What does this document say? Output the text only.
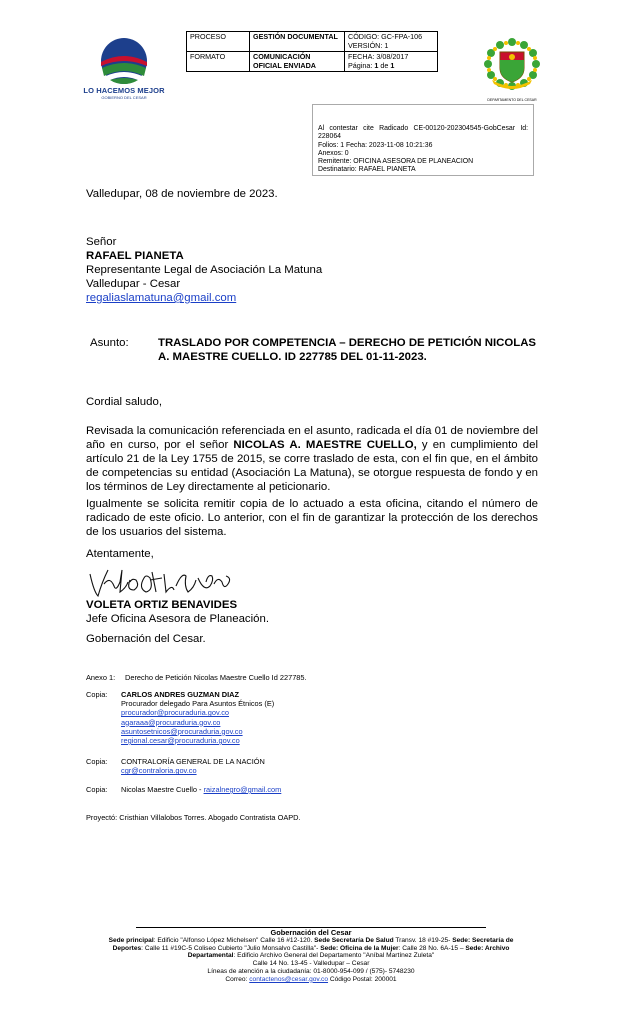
LO HACEMOS MEJOR
GOBIERNO DEL CESAR
PROCESO	GESTIÓN DOCUMENTAL	CÓDIGO: GC-FPA-106
VERSIÓN: 1

FORMATO	COMUNICACIÓN OFICIAL ENVIADA	FECHA: 3/08/2017
Página: 1 de 1
DEPARTAMENTO DEL CESAR
Al contestar cite Radicado CE-00120-202304545-GobCesar Id: 228064
Folios: 1 Fecha: 2023-11-08 10:21:36
Anexos: 0
Remitente: OFICINA ASESORA DE PLANEACION
Destinatario: RAFAEL PIANETA
Valledupar, 08 de noviembre de 2023.
Señor
RAFAEL PIANETA
Representante Legal de Asociación La Matuna
Valledupar - Cesar
regaliaslamatuna@gmail.com
Asunto:	TRASLADO POR COMPETENCIA – DERECHO DE PETICIÓN NICOLAS
A. MAESTRE CUELLO. ID 227785 DEL 01-11-2023.
Cordial saludo,
Revisada la comunicación referenciada en el asunto, radicada el día 01 de noviembre del año en curso, por el señor NICOLAS A. MAESTRE CUELLO, y en cumplimiento del artículo 21 de la Ley 1755 de 2015, se corre traslado de esta, con el fin que, en el ámbito de competencias su entidad (Asociación La Matuna), se otorgue respuesta de fondo y en los términos de Ley directamente al peticionario.
Igualmente se solicita remitir copia de lo actuado a esta oficina, citando el número de radicado de este oficio. Lo anterior, con el fin de garantizar la protección de los derechos de los usuarios del sistema.
Atentamente,
VOLETA ORTIZ BENAVIDES
Jefe Oficina Asesora de Planeación.
Gobernación del Cesar.
Anexo 1: Derecho de Petición Nicolas Maestre Cuello Id 227785.
Copia: CARLOS ANDRES GUZMAN DIAZ
Procurador delegado Para Asuntos Étnicos (E)
procurador@procuraduria.gov.co
agaraaa@procuraduria.gov.co
asuntosetnicos@procuraduria.gov.co
regional.cesar@procuraduria.gov.co
Copia: CONTRALORÍA GENERAL DE LA NACIÓN
cgr@contraloria.gov.co
Copia: Nicolas Maestre Cuello - raizalnegro@gmail.com
Proyectó: Cristhian Villalobos Torres. Abogado Contratista OAPD.
Gobernación del Cesar
Sede principal: Edificio "Alfonso López Michelsen" Calle 16 #12-120. Sede Secretaría De Salud Transv. 18 #19-25- Sede: Secretaría de
Deportes: Calle 11 #19C-5 Coliseo Cubierto "Julio Monsalvo Castilla"- Sede: Oficina de la Mujer: Calle 28 No. 6A-15 – Sede: Archivo
Departamental: Edificio Archivo General del Departamento "Aníbal Martínez Zuleta"
Calle 14 No. 13-45 - Valledupar – Cesar
Líneas de atención a la ciudadanía: 01-8000-954-099 / (575)- 5748230
Correo: contactenos@cesar.gov.co Código Postal: 200001
